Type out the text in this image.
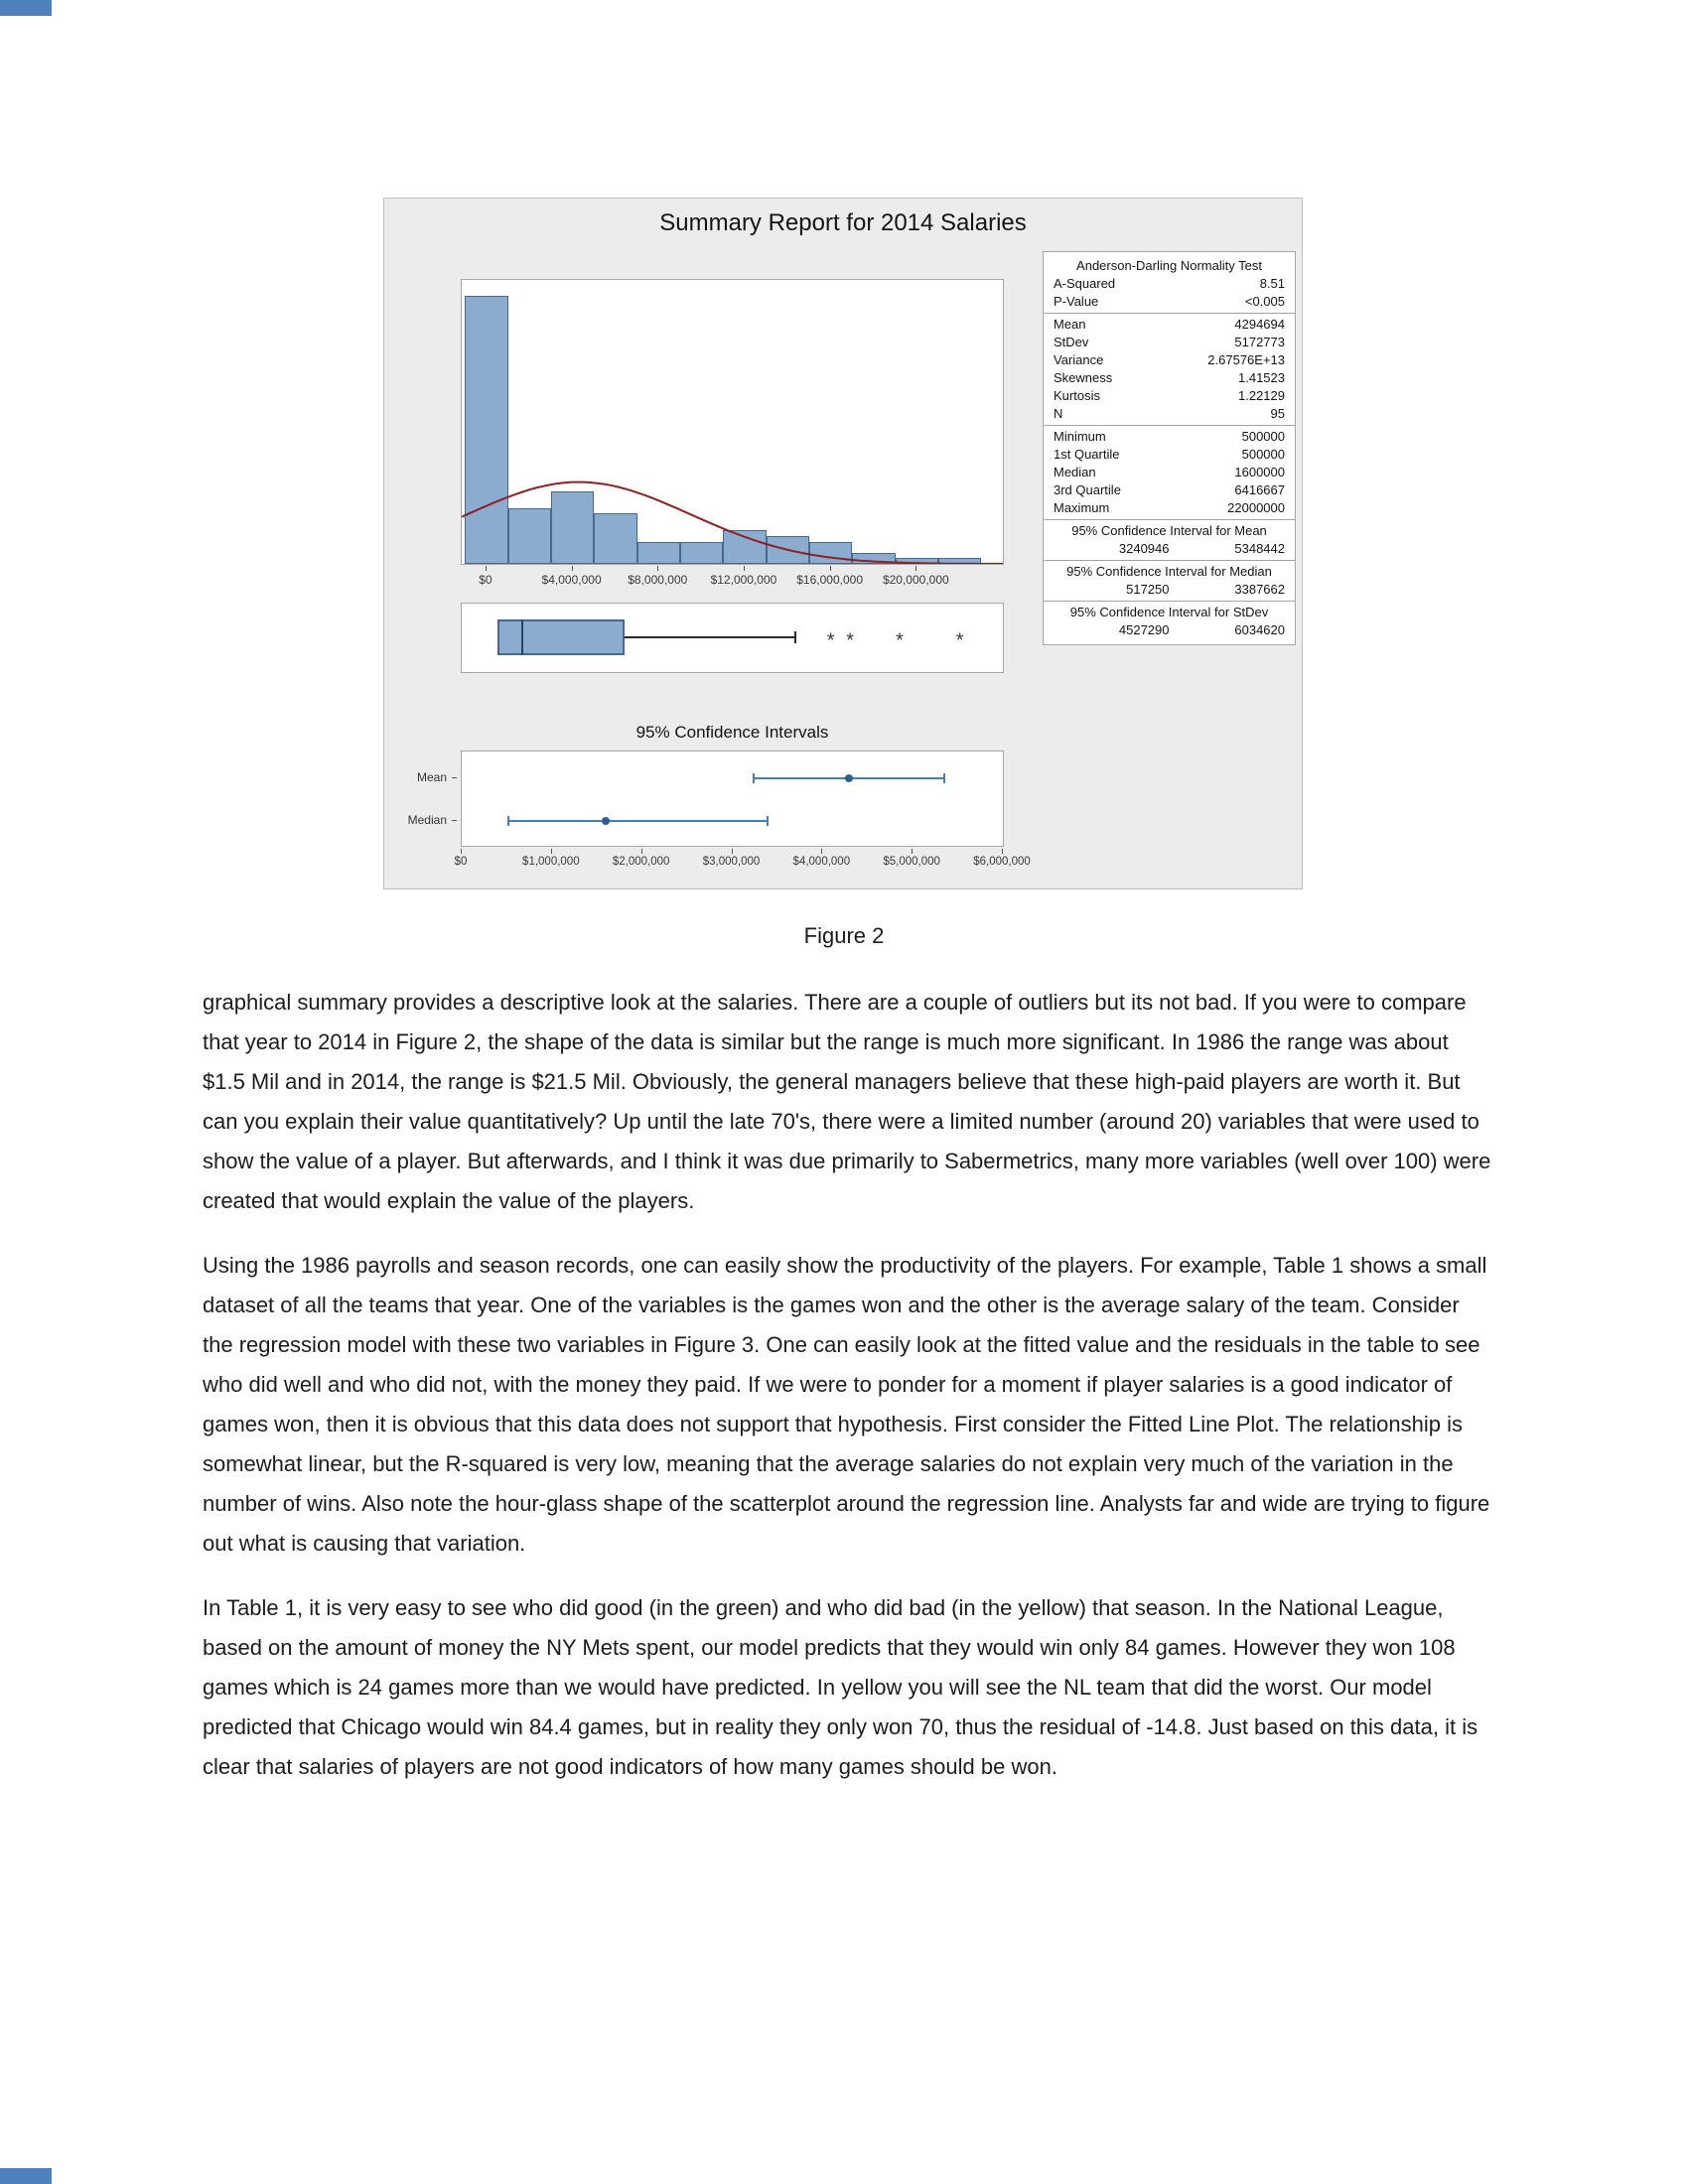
Summary Report for 2014 Salaries
$0	$4,000,000 $8,000,000 $12,000,000 $16,000,000 $20,000,000
* * *	*
Anderson-Darling Normality Test
A-Squared	8.51
P-Value	<0.005
Mean	4294694
StDev	5172773
Variance	2.67576E+13
Skewness	1.41523
Kurtosis	1.22129
N	95
Minimum	500000
1st Quartile	500000
Median	1600000
3rd Quartile	6416667
Maximum	22000000
95% Confidence Interval for Mean
3240946	5348442
95% Confidence Interval for Median
517250	3387662
95% Confidence Interval for StDev
4527290	6034620
95% Confidence Intervals
Mean
Median
$0	$1,000,000	$2,000,000	$3,000,000	$4,000,000	$5,000,000	$6,000,000
Figure 2

graphical summary provides a descriptive look at the salaries. There are a couple of outliers but its not bad. If you were to compare that year to 2014 in Figure 2, the shape of the data is similar but the range is much more significant. In 1986 the range was about $1.5 Mil and in 2014, the range is $21.5 Mil. Obviously, the general managers believe that these high-paid players are worth it. But can you explain their value quantitatively? Up until the late 70's, there were a limited number (around 20) variables that were used to show the value of a player. But afterwards, and I think it was due primarily to Sabermetrics, many more variables (well over 100) were created that would explain the value of the players.

Using the 1986 payrolls and season records, one can easily show the productivity of the players. For example, Table 1 shows a small dataset of all the teams that year. One of the variables is the games won and the other is the average salary of the team. Consider the regression model with these two variables in Figure 3. One can easily look at the fitted value and the residuals in the table to see who did well and who did not, with the money they paid. If we were to ponder for a moment if player salaries is a good indicator of games won, then it is obvious that this data does not support that hypothesis. First consider the Fitted Line Plot. The relationship is somewhat linear, but the R-squared is very low, meaning that the average salaries do not explain very much of the variation in the number of wins. Also note the hour-glass shape of the scatterplot around the regression line. Analysts far and wide are trying to figure out what is causing that variation.

In Table 1, it is very easy to see who did good (in the green) and who did bad (in the yellow) that season. In the National League, based on the amount of money the NY Mets spent, our model predicts that they would win only 84 games. However they won 108 games which is 24 games more than we would have predicted. In yellow you will see the NL team that did the worst. Our model predicted that Chicago would win 84.4 games, but in reality they only won 70, thus the residual of -14.8. Just based on this data, it is clear that salaries of players are not good indicators of how many games should be won.
